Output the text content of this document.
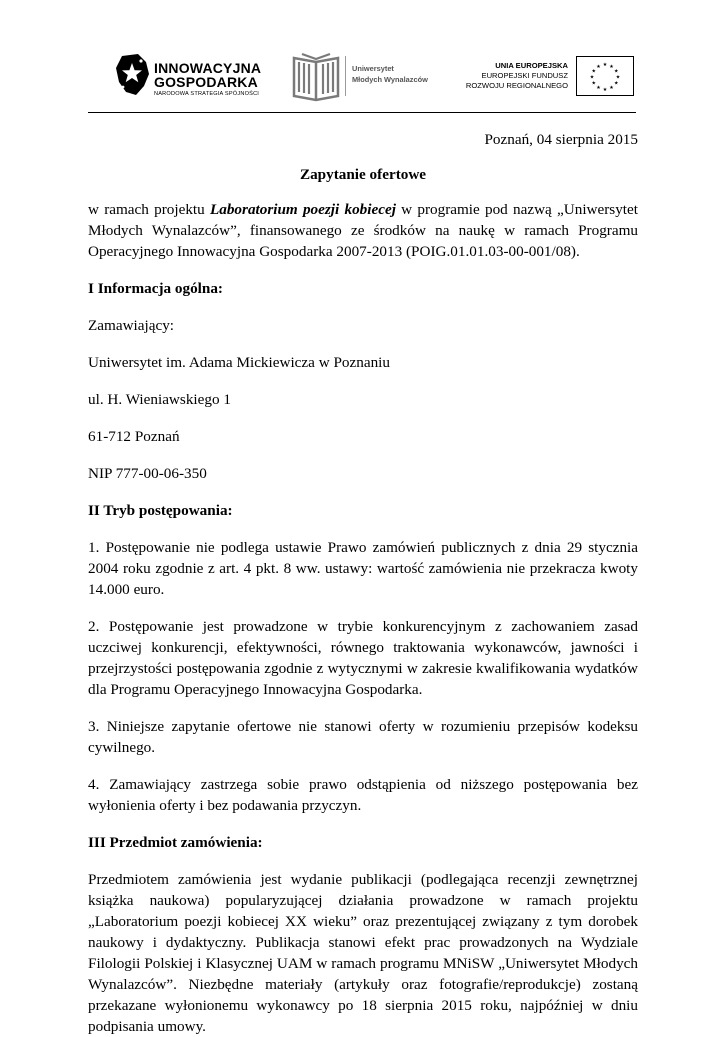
INNOWACYJNA
GOSPODARKA
NARODOWA STRATEGIA SPÓJNOŚCI
Uniwersytet
Młodych Wynalazców
UNIA EUROPEJSKA
EUROPEJSKI FUNDUSZ
ROZWOJU REGIONALNEGO
★ ★
★
★
★
★
★
★
★
★
★
★

Poznań, 04 sierpnia 2015

Zapytanie ofertowe

w ramach projektu Laboratorium poezji kobiecej w programie pod nazwą „Uniwersytet Młodych Wynalazców”, finansowanego ze środków na naukę w ramach Programu Operacyjnego Innowacyjna Gospodarka 2007-2013 (POIG.01.01.03-00-001/08).

I Informacja ogólna:

Zamawiający:

Uniwersytet im. Adama Mickiewicza w Poznaniu

ul. H. Wieniawskiego 1

61-712 Poznań

NIP 777-00-06-350

II Tryb postępowania:

1. Postępowanie nie podlega ustawie Prawo zamówień publicznych z dnia 29 stycznia 2004 roku zgodnie z art. 4 pkt. 8 ww. ustawy: wartość zamówienia nie przekracza kwoty 14.000 euro.

2. Postępowanie jest prowadzone w trybie konkurencyjnym z zachowaniem zasad uczciwej konkurencji, efektywności, równego traktowania wykonawców, jawności i przejrzystości postępowania zgodnie z wytycznymi w zakresie kwalifikowania wydatków dla Programu Operacyjnego Innowacyjna Gospodarka.

3. Niniejsze zapytanie ofertowe nie stanowi oferty w rozumieniu przepisów kodeksu cywilnego.

4. Zamawiający zastrzega sobie prawo odstąpienia od niższego postępowania bez wyłonienia oferty i bez podawania przyczyn.

III Przedmiot zamówienia:

Przedmiotem zamówienia jest wydanie publikacji (podlegająca recenzji zewnętrznej książka naukowa) popularyzującej działania prowadzone w ramach projektu „Laboratorium poezji kobiecej XX wieku” oraz prezentującej związany z tym dorobek naukowy i dydaktyczny. Publikacja stanowi efekt prac prowadzonych na Wydziale Filologii Polskiej i Klasycznej UAM w ramach programu MNiSW „Uniwersytet Młodych Wynalazców”. Niezbędne materiały (artykuły oraz fotografie/reprodukcje) zostaną przekazane wyłonionemu wykonawcy po 18 sierpnia 2015 roku, najpóźniej w dniu podpisania umowy.
